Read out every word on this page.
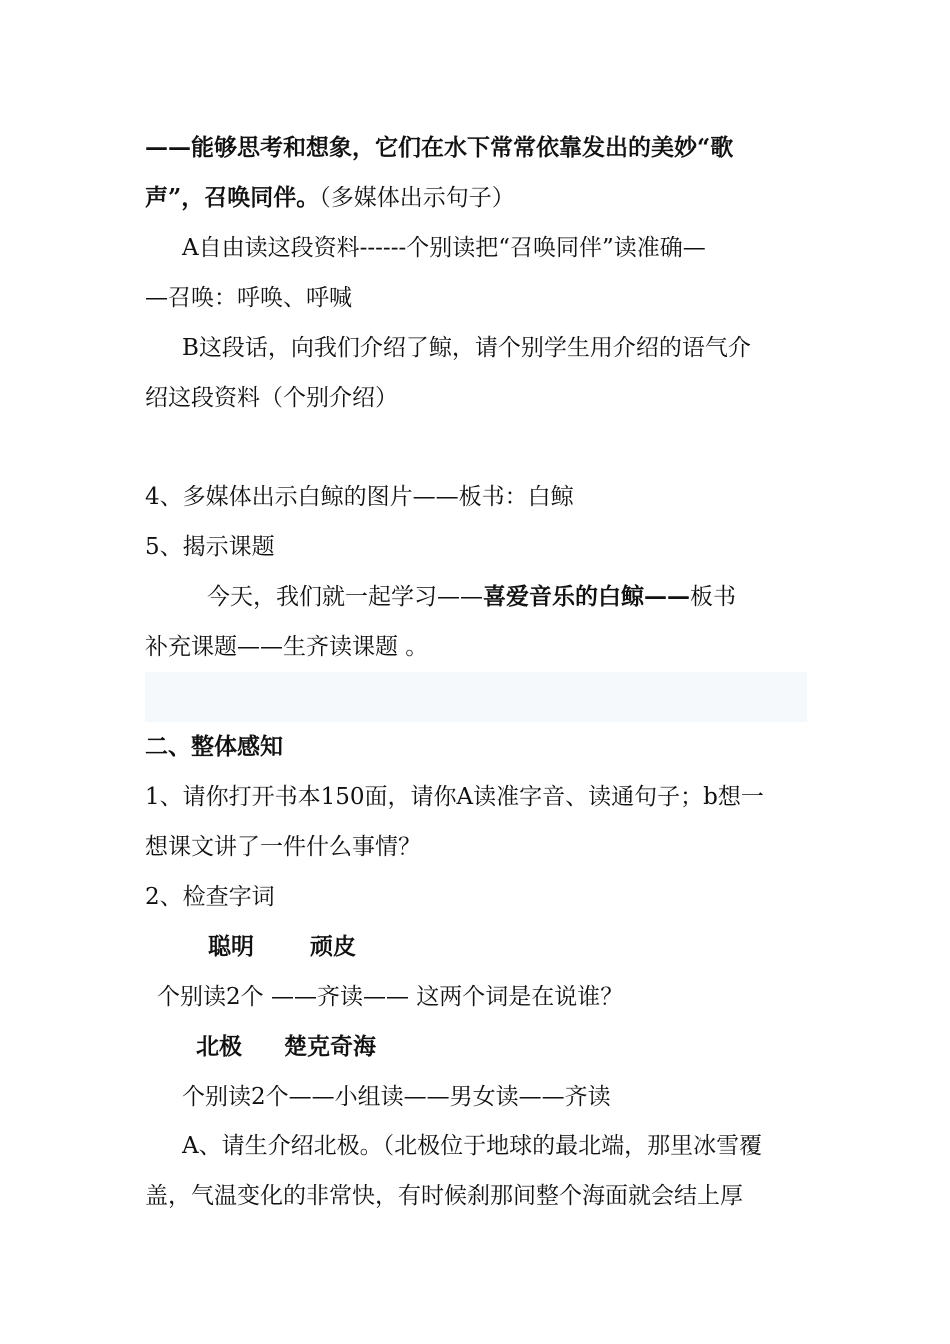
——能够思考和想象，它们在水下常常依靠发出的美妙“歌
声”，召唤同伴。（多媒体出示句子）
A自由读这段资料------个别读把“召唤同伴”读准确—
—召唤：呼唤、呼喊
B这段话，向我们介绍了鲸，请个别学生用介绍的语气介
绍这段资料（个别介绍）
4、多媒体出示白鲸的图片——板书：白鲸
5、揭示课题
今天，我们就一起学习——喜爱音乐的白鲸——板书
补充课题——生齐读课题 。
二、整体感知
1、请你打开书本150面，请你A读准字音、读通句子；b想一
想课文讲了一件什么事情？
2、检查字词
聪明 顽皮
个别读2个 ——齐读—— 这两个词是在说谁？
北极 楚克奇海
个别读2个——小组读——男女读——齐读
A、请生介绍北极。（北极位于地球的最北端，那里冰雪覆
盖，气温变化的非常快，有时候刹那间整个海面就会结上厚
